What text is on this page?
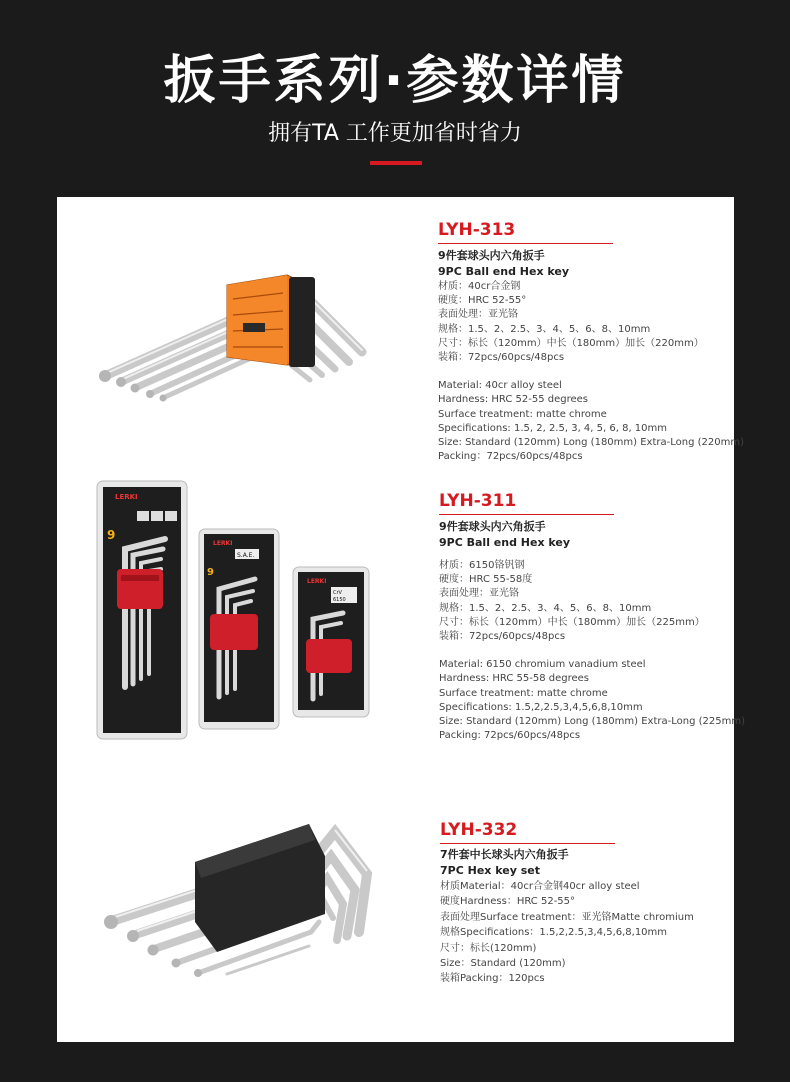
扳手系列·参数详情
拥有TA 工作更加省时省力
LYH-313
9件套球头内六角扳手
9PC Ball end Hex key
材质：40cr合金钢
硬度：HRC 52-55°
表面处理：亚光铬
规格：1.5、2、2.5、3、4、5、6、8、10mm
尺寸：标长（120mm）中长（180mm）加长（220mm）
装箱：72pcs/60pcs/48pcs
Material: 40cr alloy steel
Hardness: HRC 52-55 degrees
Surface treatment: matte chrome
Specifications: 1.5, 2, 2.5, 3, 4, 5, 6, 8, 10mm
Size: Standard (120mm) Long (180mm) Extra-Long (220mm)
Packing：72pcs/60pcs/48pcs
LERKI
9
LERKI
9
S.A.E.
LERKI
CrV
6150
LYH-311
9件套球头内六角扳手
9PC Ball end Hex key
材质：6150铬钒钢
硬度：HRC 55-58度
表面处理：亚光铬
规格：1.5、2、2.5、3、4、5、6、8、10mm
尺寸：标长（120mm）中长（180mm）加长（225mm）
装箱：72pcs/60pcs/48pcs
Material: 6150 chromium vanadium steel
Hardness: HRC 55-58 degrees
Surface treatment: matte chrome
Specifications: 1.5,2,2.5,3,4,5,6,8,10mm
Size: Standard (120mm) Long (180mm) Extra-Long (225mm)
Packing: 72pcs/60pcs/48pcs
LYH-332
7件套中长球头内六角扳手
7PC Hex key set
材质Material：40cr合金钢40cr alloy steel
硬度Hardness：HRC 52-55°
表面处理Surface treatment：亚光铬Matte chromium
规格Specifications：1.5,2,2.5,3,4,5,6,8,10mm
尺寸：标长(120mm)
Size：Standard (120mm)
装箱Packing：120pcs
